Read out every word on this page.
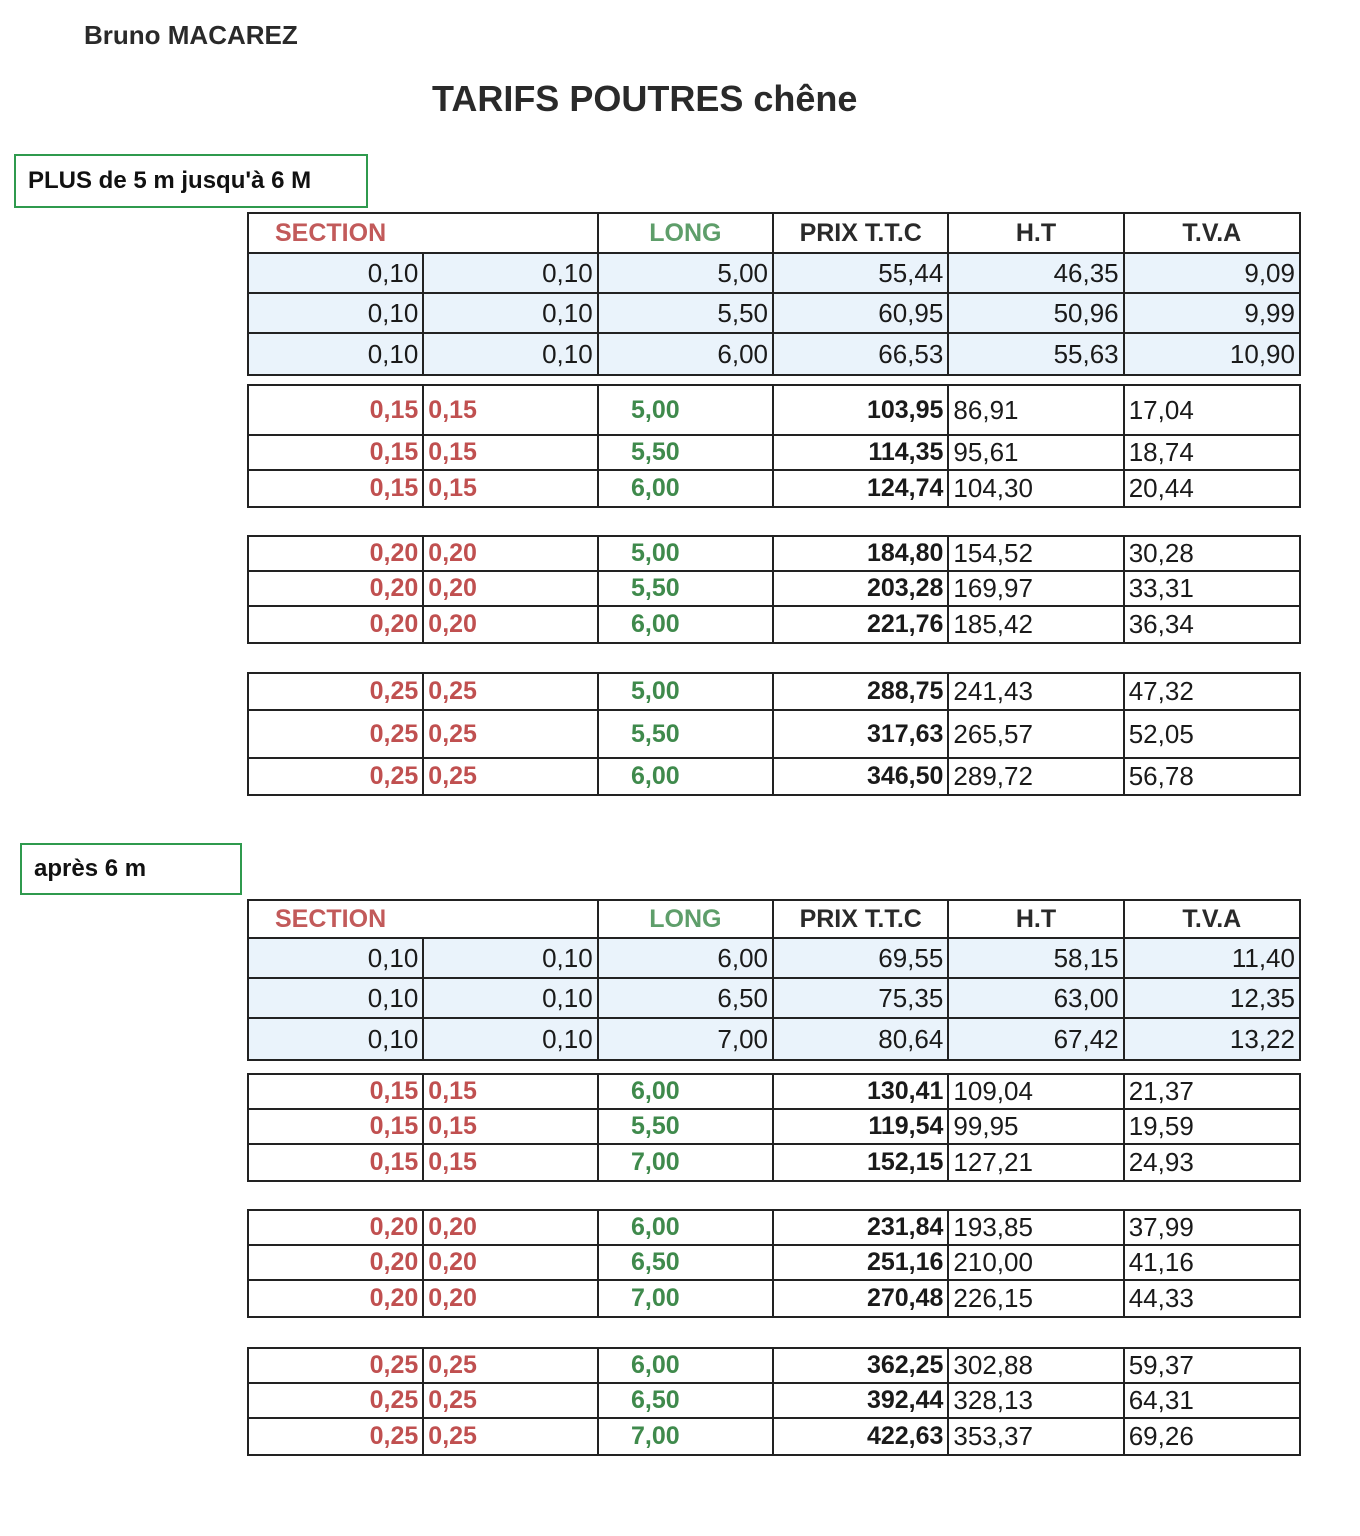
Bruno MACAREZ
TARIFS POUTRES chêne
PLUS de 5 m jusqu'à 6 M
SECTION	LONG	PRIX T.T.C	H.T	T.V.A
0,10	0,10	5,00	55,44	46,35	9,09
0,10	0,10	5,50	60,95	50,96	9,99
0,10	0,10	6,00	66,53	55,63	10,90
0,15 0,15	5,00	103,95 86,91	17,04
0,15 0,15	5,50	114,35 95,61	18,74
0,15 0,15	6,00	124,74 104,30	20,44
0,20 0,20	5,00	184,80 154,52	30,28
0,20 0,20	5,50	203,28 169,97	33,31
0,20 0,20	6,00	221,76 185,42	36,34
0,25 0,25	5,00	288,75 241,43	47,32
0,25 0,25	5,50	317,63 265,57	52,05
0,25 0,25	6,00	346,50 289,72	56,78
après 6 m
SECTION	LONG	PRIX T.T.C	H.T	T.V.A
0,10	0,10	6,00	69,55	58,15	11,40
0,10	0,10	6,50	75,35	63,00	12,35
0,10	0,10	7,00	80,64	67,42	13,22
0,15 0,15	6,00	130,41 109,04	21,37
0,15 0,15	5,50	119,54 99,95	19,59
0,15 0,15	7,00	152,15 127,21	24,93
0,20 0,20	6,00	231,84 193,85	37,99
0,20 0,20	6,50	251,16 210,00	41,16
0,20 0,20	7,00	270,48 226,15	44,33
0,25 0,25	6,00	362,25 302,88	59,37
0,25 0,25	6,50	392,44 328,13	64,31
0,25 0,25	7,00	422,63 353,37	69,26
